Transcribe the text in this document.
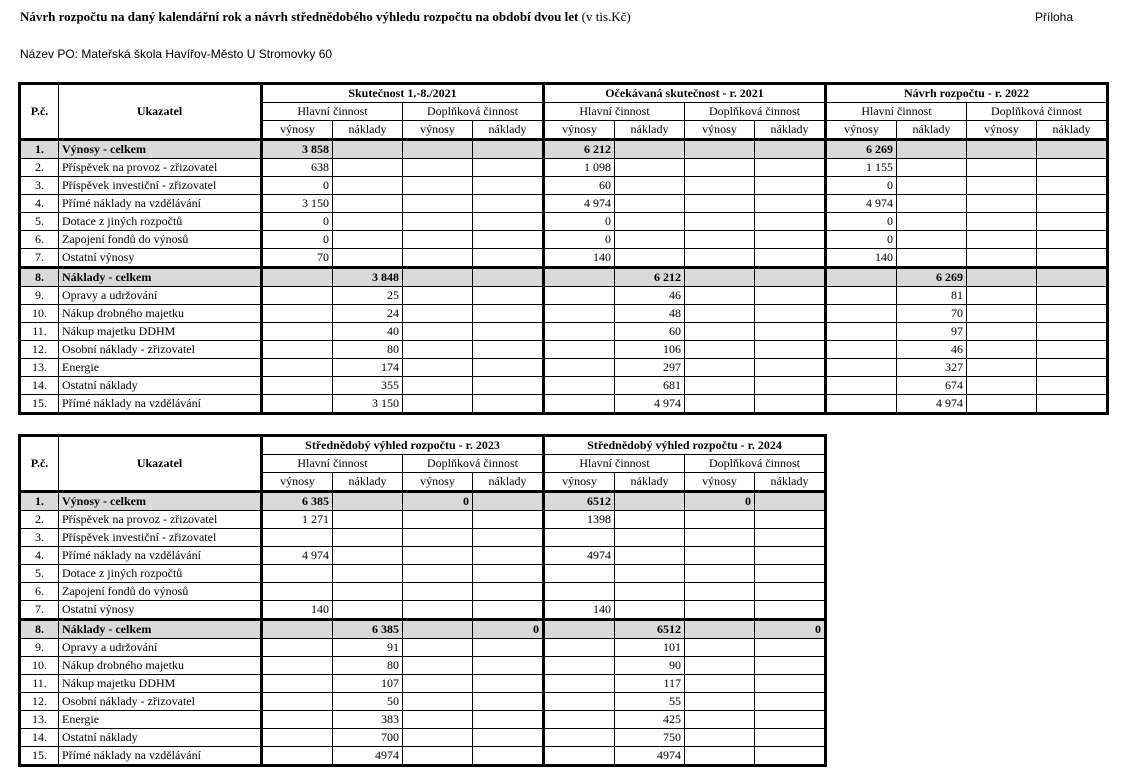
Návrh rozpočtu na daný kalendářní rok a návrh střednědobého výhledu rozpočtu na období dvou let (v tis.Kč)	Příloha
Název PO: Mateřská škola Havířov-Město U Stromovky 60
P.č.	Ukazatel	Skutečnost 1.-8./2021				Očekávaná skutečnost - r. 2021				Návrh rozpočtu - r. 2022			
		Hlavní činnost		Doplňková činnost		Hlavní činnost		Doplňková činnost		Hlavní činnost		Doplňková činnost	
		výnosy	náklady	výnosy	náklady	výnosy	náklady	výnosy	náklady	výnosy	náklady	výnosy	náklady
1.	Výnosy - celkem	3 858				6 212				6 269			
2.	Příspěvek na provoz - zřizovatel	638				1 098				1 155			
3.	Příspěvek investiční - zřizovatel	0				60				0			
4.	Přímé náklady na vzdělávání	3 150				4 974				4 974			
5.	Dotace z jiných rozpočtů	0				0				0			
6.	Zapojení fondů do výnosů	0				0				0			
7.	Ostatní výnosy	70				140				140			
8.	Náklady - celkem		3 848				6 212				6 269		
9.	Opravy a udržování		25				46				81		
10.	Nákup drobného majetku		24				48				70		
11.	Nákup majetku DDHM		40				60				97		
12.	Osobní náklady - zřizovatel		80				106				46		
13.	Energie		174				297				327		
14.	Ostatní náklady		355				681				674		
15.	Přímé náklady na vzdělávání		3 150				4 974				4 974		
P.č.	Ukazatel	Střednědobý výhled rozpočtu - r. 2023				Střednědobý výhled rozpočtu - r. 2024			
		Hlavní činnost		Doplňková činnost		Hlavní činnost		Doplňková činnost	
		výnosy	náklady	výnosy	náklady	výnosy	náklady	výnosy	náklady
1.	Výnosy - celkem	6 385		0		6512		0	
2.	Příspěvek na provoz - zřizovatel	1 271				1398			
3.	Příspěvek investiční - zřizovatel								
4.	Přímé náklady na vzdělávání	4 974				4974			
5.	Dotace z jiných rozpočtů								
6.	Zapojení fondů do výnosů								
7.	Ostatní výnosy	140				140			
8.	Náklady - celkem		6 385		0		6512		0
9.	Opravy a udržování		91				101		
10.	Nákup drobného majetku		80				90		
11.	Nákup majetku DDHM		107				117		
12.	Osobní náklady - zřizovatel		50				55		
13.	Energie		383				425		
14.	Ostatní náklady		700				750		
15.	Přímé náklady na vzdělávání		4974				4974		
